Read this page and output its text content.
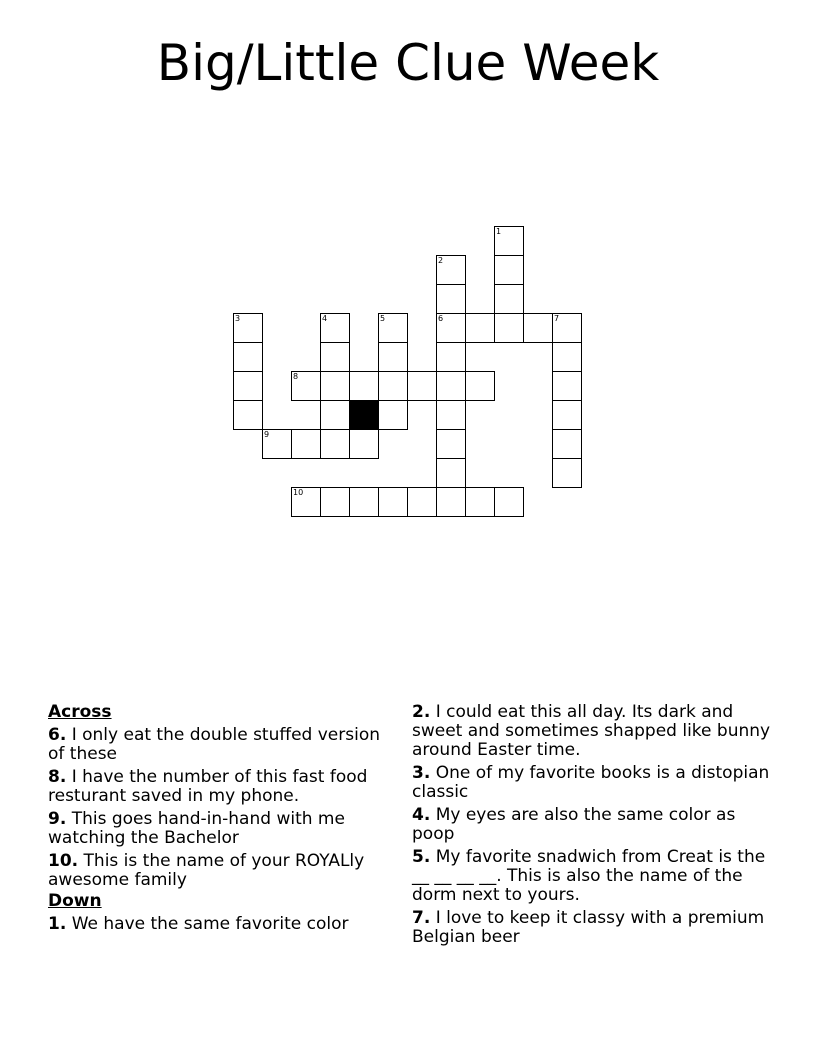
Big/Little Clue Week
1
2
3	4	5	6	7
8
9
10
Across
6. I only eat the double stuffed version of these
8. I have the number of this fast food resturant saved in my phone.
9. This goes hand-in-hand with me watching the Bachelor
10. This is the name of your ROYALly awesome family
Down
1. We have the same favorite color
2. I could eat this all day. Its dark and sweet and sometimes shapped like bunny around Easter time.
3. One of my favorite books is a distopian classic
4. My eyes are also the same color as poop
5. My favorite snadwich from Creat is the __ __ __ __. This is also the name of the dorm next to yours.
7. I love to keep it classy with a premium Belgian beer
